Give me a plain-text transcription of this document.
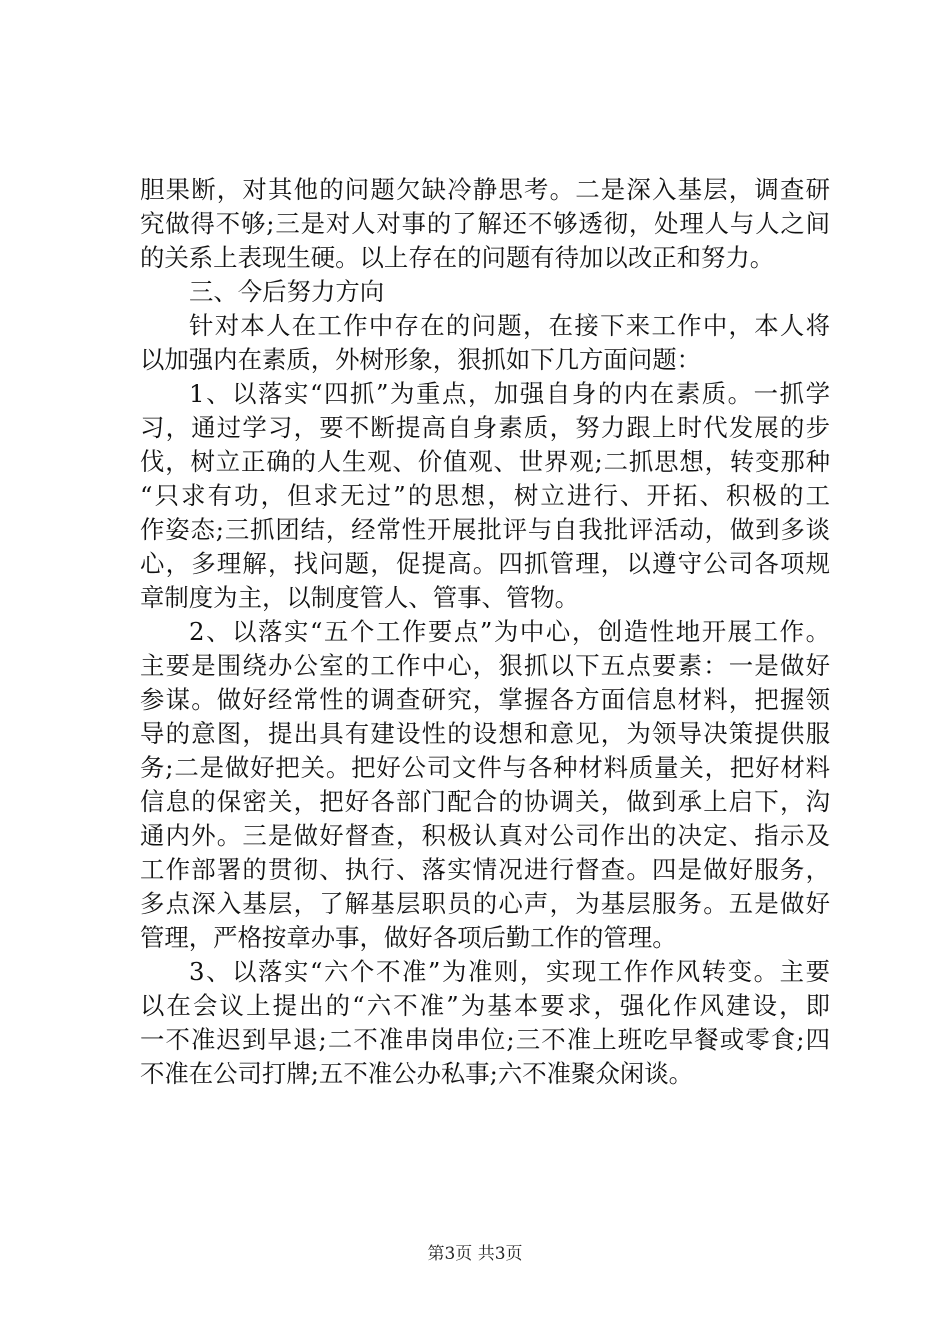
胆果断，对其他的问题欠缺冷静思考。二是深入基层，调查研
究做得不够;三是对人对事的了解还不够透彻，处理人与人之间
的关系上表现生硬。以上存在的问题有待加以改正和努力。
三、今后努力方向
针对本人在工作中存在的问题，在接下来工作中，本人将
以加强内在素质，外树形象，狠抓如下几方面问题：
1、以落实“四抓”为重点，加强自身的内在素质。一抓学
习，通过学习，要不断提高自身素质，努力跟上时代发展的步
伐，树立正确的人生观、价值观、世界观;二抓思想，转变那种
“只求有功，但求无过”的思想，树立进行、开拓、积极的工
作姿态;三抓团结，经常性开展批评与自我批评活动，做到多谈
心，多理解，找问题，促提高。四抓管理，以遵守公司各项规
章制度为主，以制度管人、管事、管物。
2、以落实“五个工作要点”为中心，创造性地开展工作。
主要是围绕办公室的工作中心，狠抓以下五点要素：一是做好
参谋。做好经常性的调查研究，掌握各方面信息材料，把握领
导的意图，提出具有建设性的设想和意见，为领导决策提供服
务;二是做好把关。把好公司文件与各种材料质量关，把好材料
信息的保密关，把好各部门配合的协调关，做到承上启下，沟
通内外。三是做好督查，积极认真对公司作出的决定、指示及
工作部署的贯彻、执行、落实情况进行督查。四是做好服务，
多点深入基层，了解基层职员的心声，为基层服务。五是做好
管理，严格按章办事，做好各项后勤工作的管理。
3、以落实“六个不准”为准则，实现工作作风转变。主要
以在会议上提出的“六不准”为基本要求，强化作风建设，即
一不准迟到早退;二不准串岗串位;三不准上班吃早餐或零食;四
不准在公司打牌;五不准公办私事;六不准聚众闲谈。
第3页 共3页
